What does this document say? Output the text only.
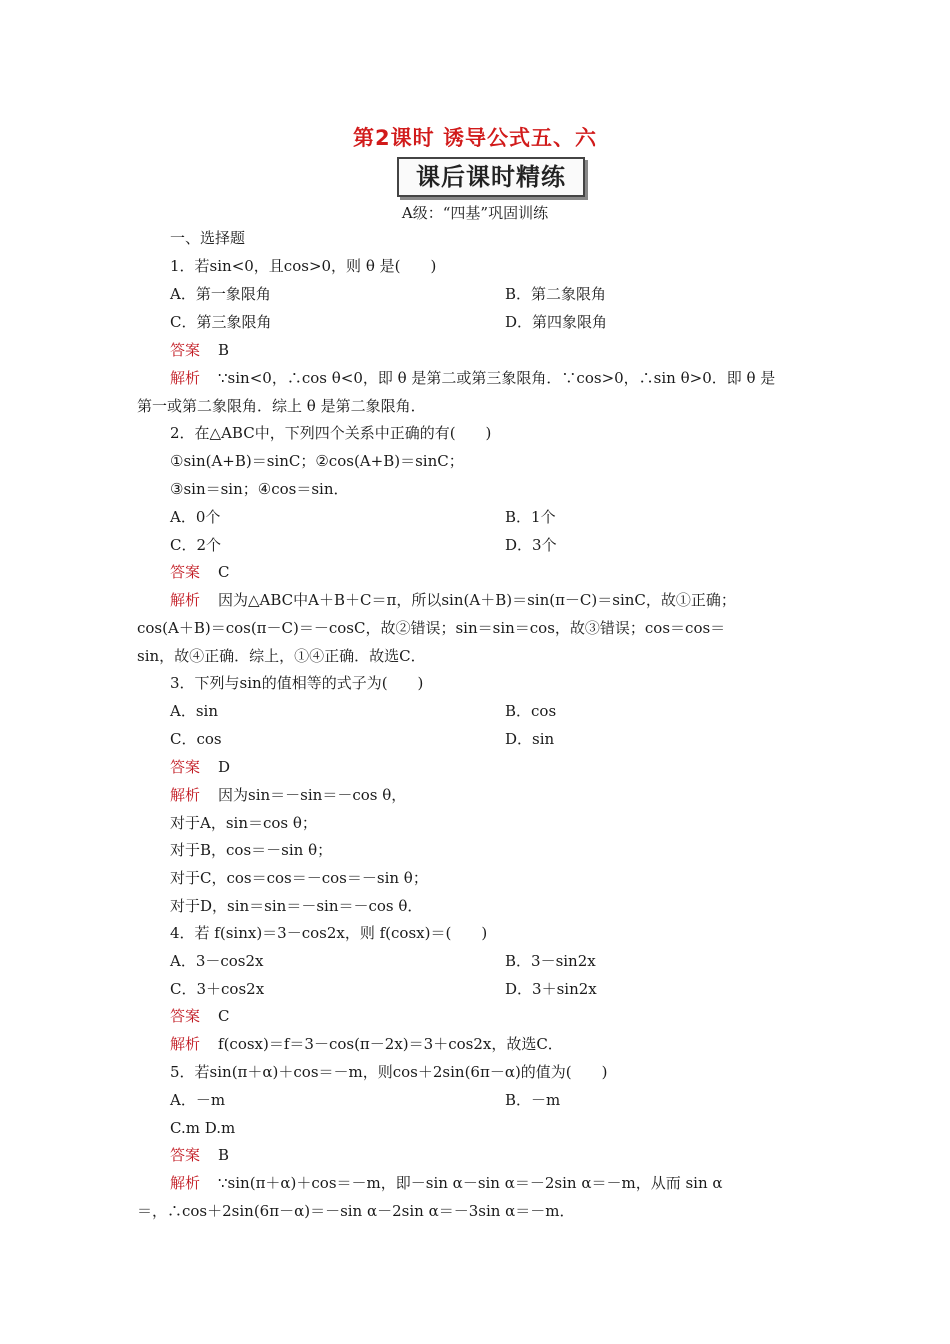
第2课时 诱导公式五、六
课后课时精练
A级：“四基”巩固训练
一、选择题
1．若sin<0，且cos>0，则 θ 是(　　)
A．第一象限角	B．第二象限角
C．第三象限角	D．第四象限角
答案 B
解析 ∵sin<0，∴cos θ<0，即 θ 是第二或第三象限角．∵cos>0，∴sin θ>0．即 θ 是
第一或第二象限角．综上 θ 是第二象限角．
2．在△ABC中，下列四个关系中正确的有(　　)
①sin(A+B)＝sinC；②cos(A+B)＝sinC；
③sin＝sin；④cos＝sin．
A．0个	B．1个
C．2个	D．3个
答案 C
解析 因为△ABC中A＋B＋C＝π，所以sin(A＋B)＝sin(π－C)＝sinC，故①正确；
cos(A＋B)＝cos(π－C)＝－cosC，故②错误；sin＝sin＝cos，故③错误；cos＝cos＝
sin，故④正确．综上，①④正确．故选C．
3．下列与sin的值相等的式子为(　　)
A．sin	B．cos
C．cos	D．sin
答案 D
解析 因为sin＝－sin＝－cos θ，
对于A，sin＝cos θ；
对于B，cos＝－sin θ；
对于C，cos＝cos＝－cos＝－sin θ；
对于D，sin＝sin＝－sin＝－cos θ．
4．若 f(sinx)＝3－cos2x，则 f(cosx)＝(　　)
A．3－cos2x	B．3－sin2x
C．3＋cos2x	D．3＋sin2x
答案 C
解析 f(cosx)＝f＝3－cos(π－2x)＝3＋cos2x，故选C．
5．若sin(π＋α)＋cos＝－m，则cos＋2sin(6π－α)的值为(　　)
A．－m	B．－m
C.m D.m
答案 B
解析 ∵sin(π＋α)＋cos＝－m，即－sin α－sin α＝－2sin α＝－m，从而 sin α
＝，∴cos＋2sin(6π－α)＝－sin α－2sin α＝－3sin α＝－m．
